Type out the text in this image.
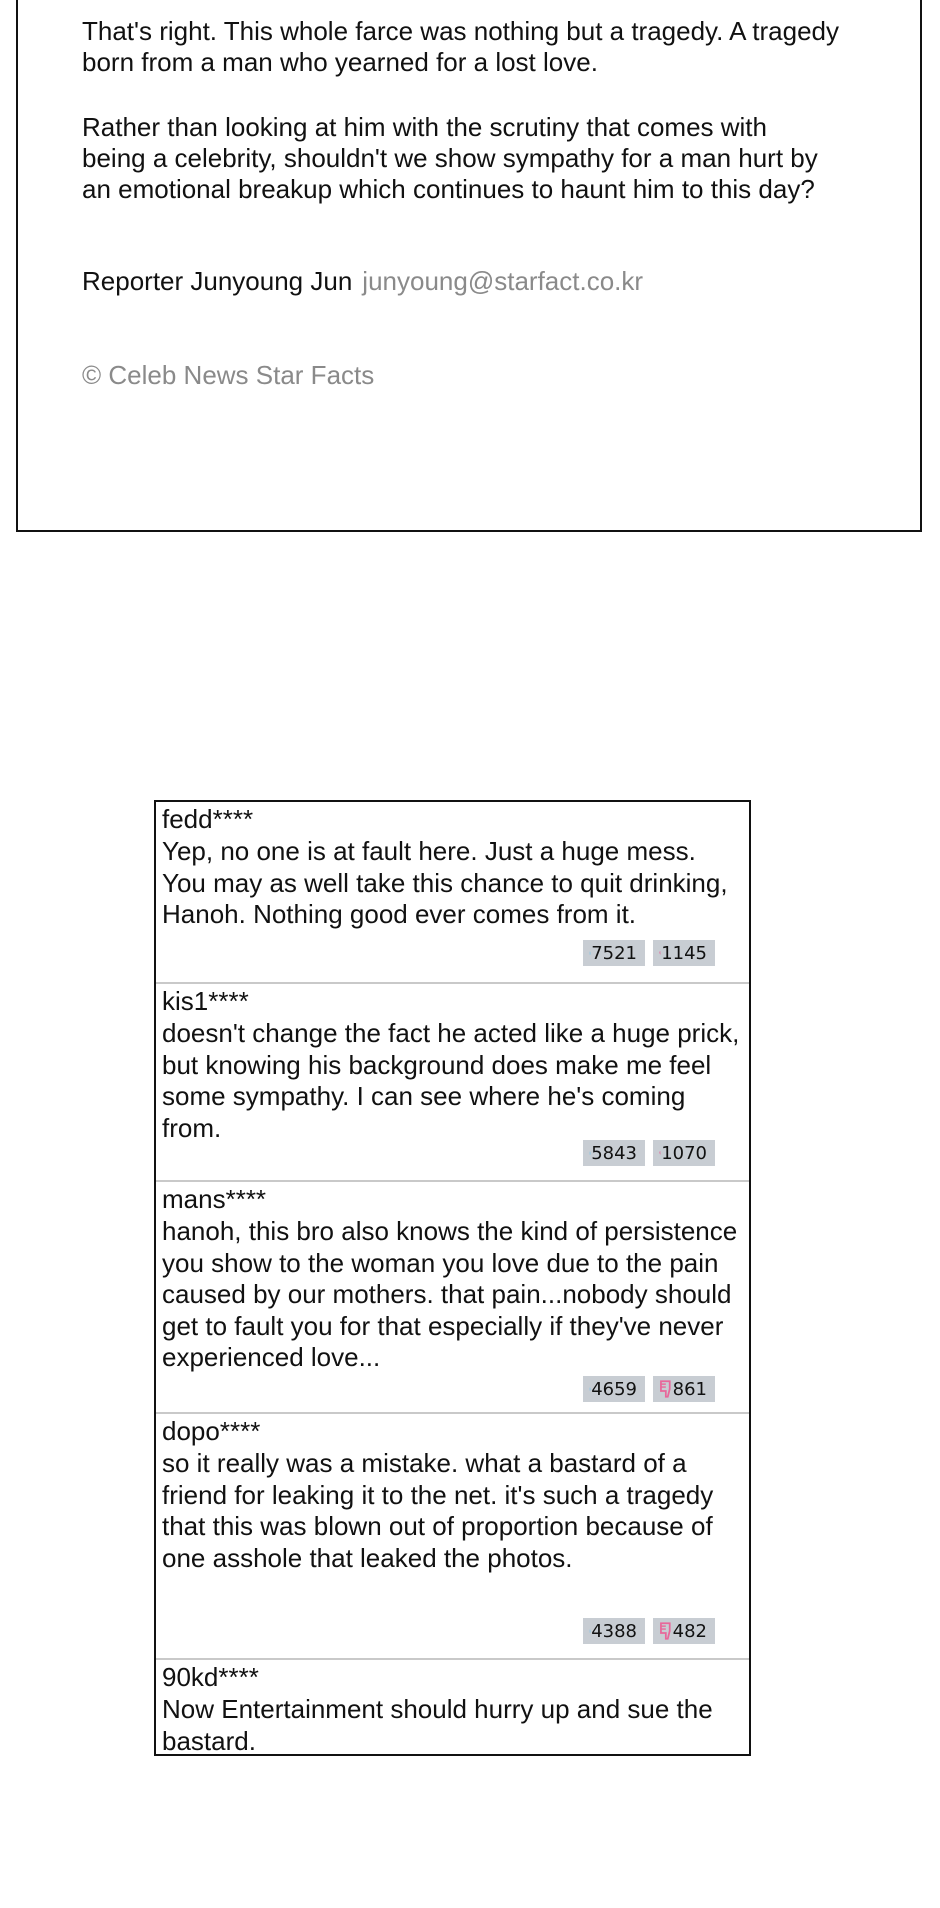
That's right. This whole farce was nothing but a tragedy. A tragedy
born from a man who yearned for a lost love.

Rather than looking at him with the scrutiny that comes with
being a celebrity, shouldn't we show sympathy for a man hurt by
an emotional breakup which continues to haunt him to this day?

Reporter Junyoung Jun junyoung@starfact.co.kr
© Celeb News Star Facts
fedd****
Yep, no one is at fault here. Just a huge mess. You may as well take this chance to quit drinking, Hanoh. Nothing good ever comes from it.
7521 1145
kis1****
doesn't change the fact he acted like a huge prick, but knowing his background does make me feel some sympathy. I can see where he's coming from.
5843 1070
mans****
hanoh, this bro also knows the kind of persistence you show to the woman you love due to the pain caused by our mothers. that pain...nobody should get to fault you for that especially if they've never experienced love...
4659 861
dopo****
so it really was a mistake. what a bastard of a friend for leaking it to the net. it's such a tragedy that this was blown out of proportion because of one asshole that leaked the photos.
4388 482
90kd****
Now Entertainment should hurry up and sue the bastard.
